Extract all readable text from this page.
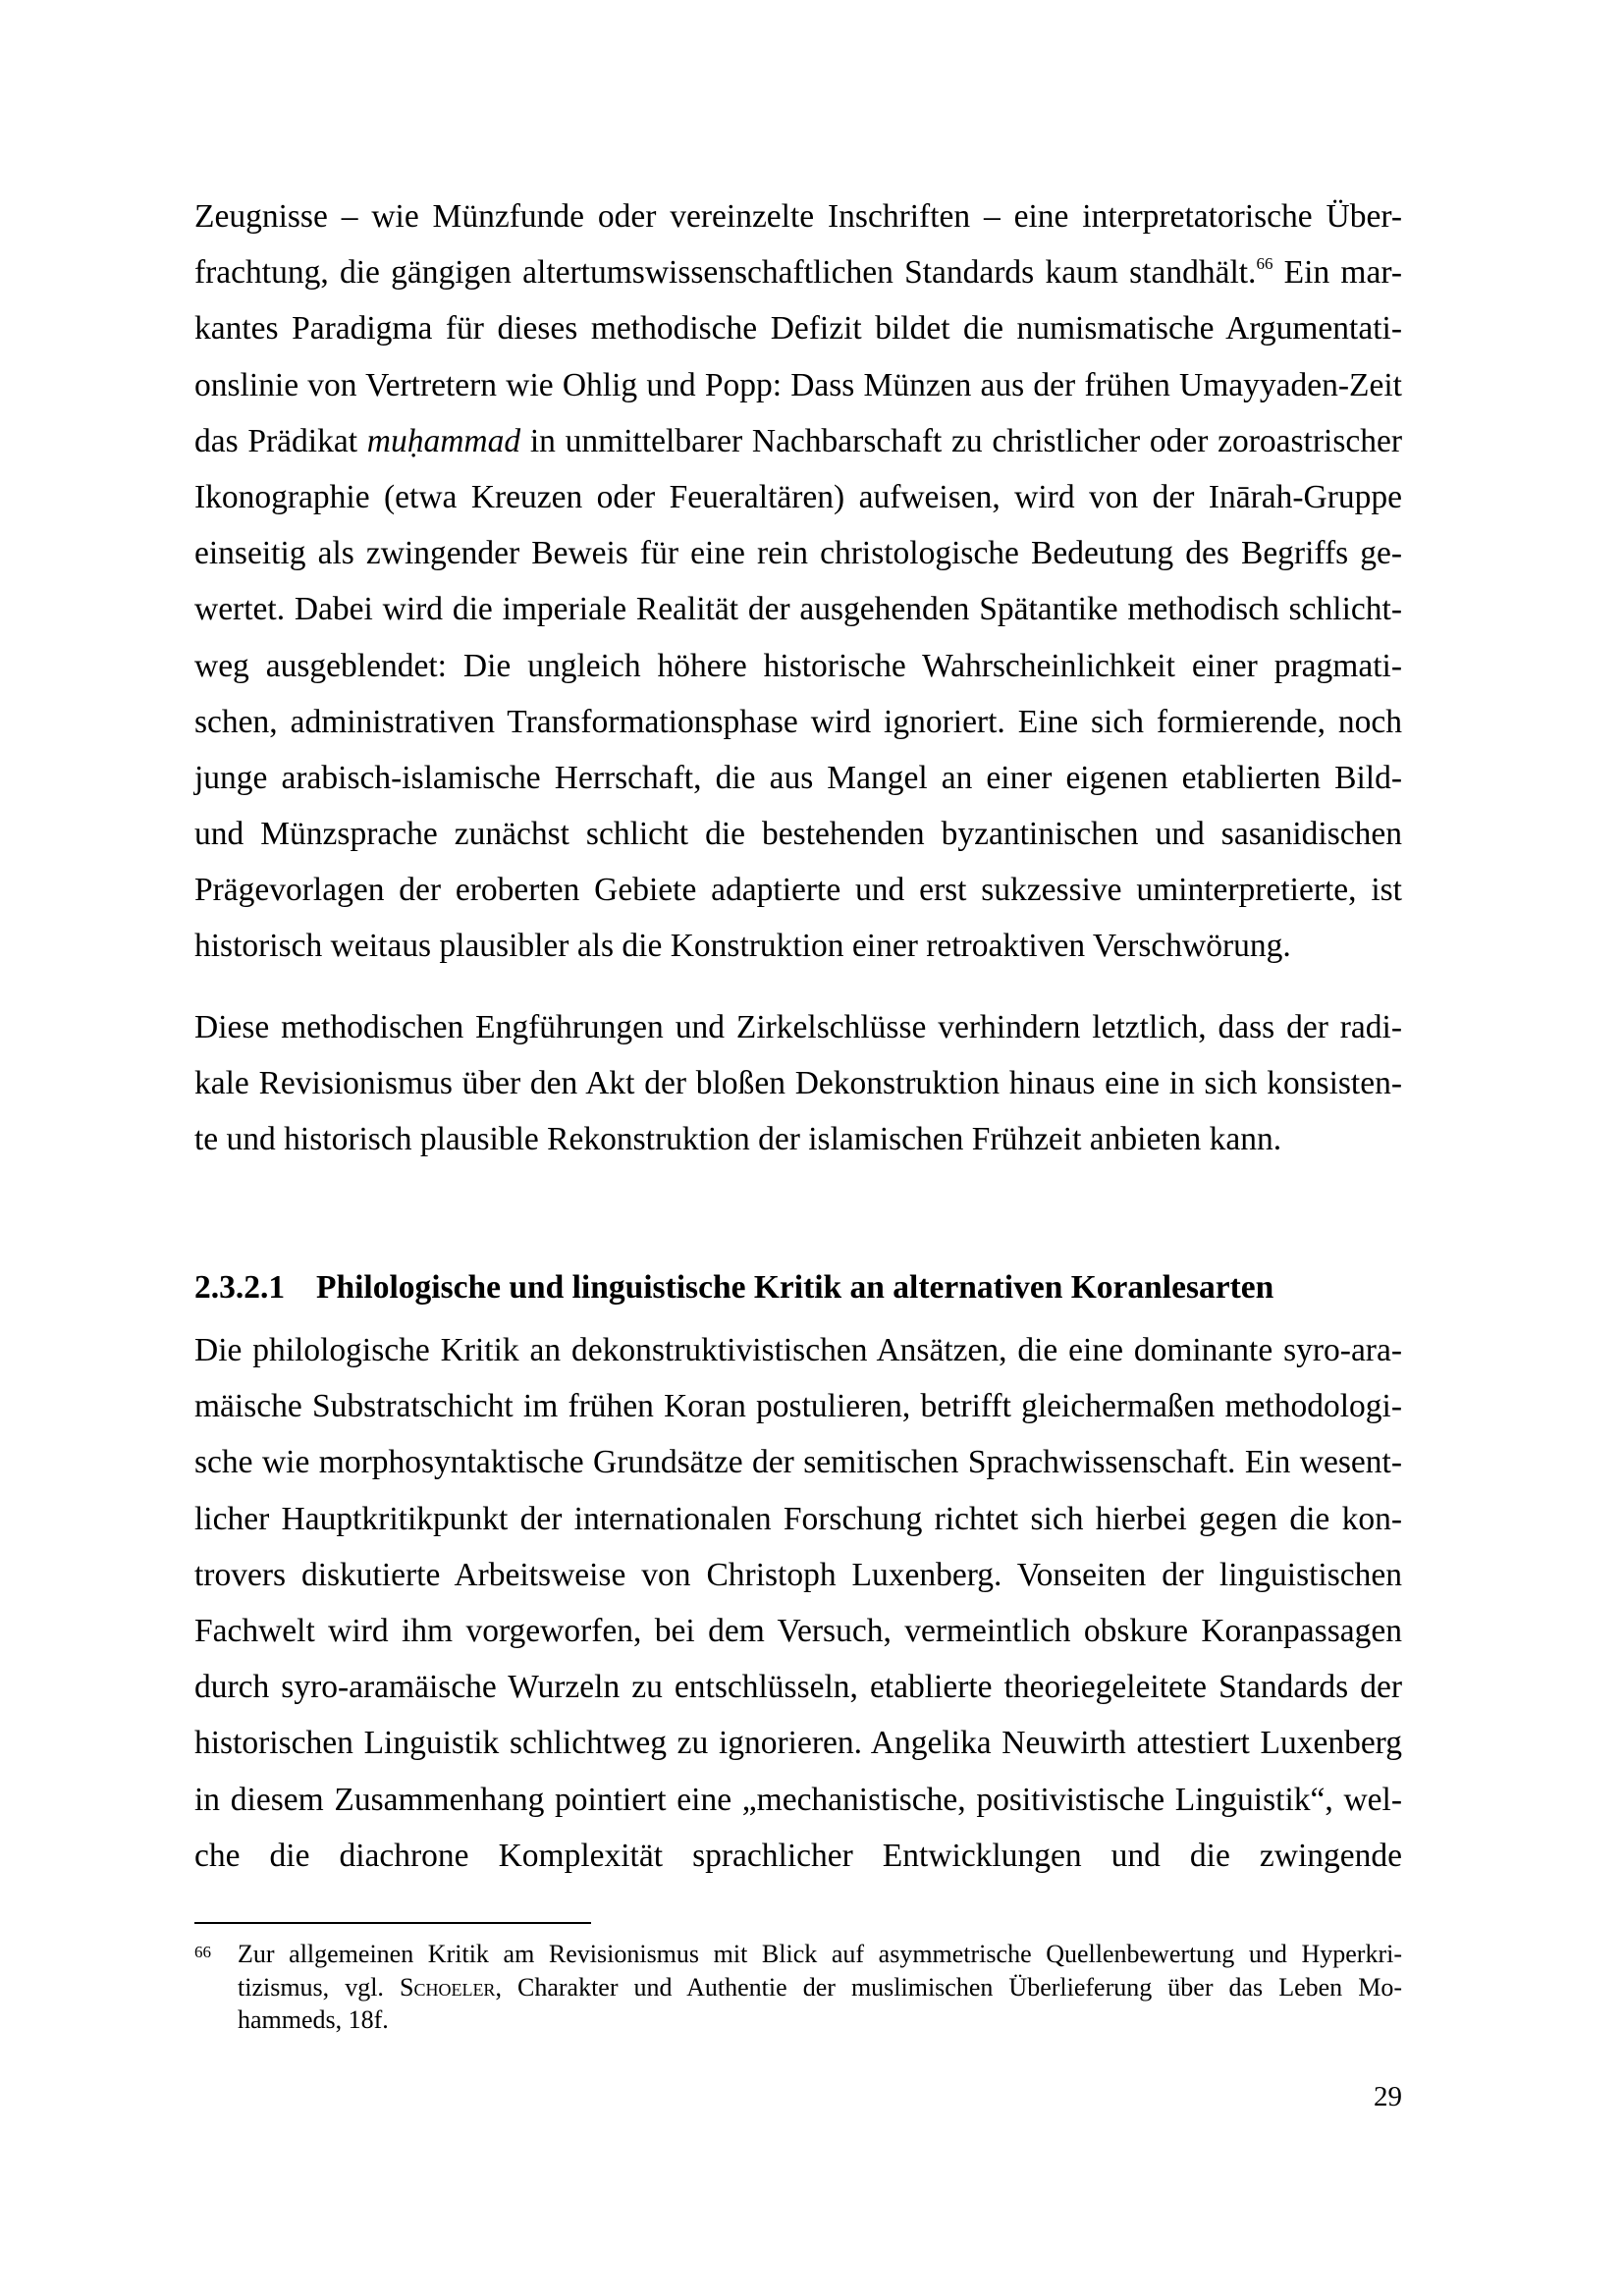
Zeugnisse – wie Münzfunde oder vereinzelte Inschriften – eine interpretatorische Über-
frachtung, die gängigen altertumswissenschaftlichen Standards kaum standhält.$^{66}$ Ein mar-
kantes Paradigma für dieses methodische Defizit bildet die numismatische Argumentati-
onslinie von Vertretern wie Ohlig und Popp: Dass Münzen aus der frühen Umayyaden-Zeit
das Prädikat muḥammad in unmittelbarer Nachbarschaft zu christlicher oder zoroastrischer
Ikonographie (etwa Kreuzen oder Feueraltären) aufweisen, wird von der Inārah-Gruppe
einseitig als zwingender Beweis für eine rein christologische Bedeutung des Begriffs ge-
wertet. Dabei wird die imperiale Realität der ausgehenden Spätantike methodisch schlicht-
weg ausgeblendet: Die ungleich höhere historische Wahrscheinlichkeit einer pragmati-
schen, administrativen Transformationsphase wird ignoriert. Eine sich formierende, noch
junge arabisch-islamische Herrschaft, die aus Mangel an einer eigenen etablierten Bild-
und Münzsprache zunächst schlicht die bestehenden byzantinischen und sasanidischen
Prägevorlagen der eroberten Gebiete adaptierte und erst sukzessive uminterpretierte, ist
historisch weitaus plausibler als die Konstruktion einer retroaktiven Verschwörung.
Diese methodischen Engführungen und Zirkelschlüsse verhindern letztlich, dass der radi-
kale Revisionismus über den Akt der bloßen Dekonstruktion hinaus eine in sich konsisten-
te und historisch plausible Rekonstruktion der islamischen Frühzeit anbieten kann.
2.3.2.1 Philologische und linguistische Kritik an alternativen Koranlesarten
Die philologische Kritik an dekonstruktivistischen Ansätzen, die eine dominante syro-ara-
mäische Substratschicht im frühen Koran postulieren, betrifft gleichermaßen methodologi-
sche wie morphosyntaktische Grundsätze der semitischen Sprachwissenschaft. Ein wesent-
licher Hauptkritikpunkt der internationalen Forschung richtet sich hierbei gegen die kon-
trovers diskutierte Arbeitsweise von Christoph Luxenberg. Vonseiten der linguistischen
Fachwelt wird ihm vorgeworfen, bei dem Versuch, vermeintlich obskure Koranpassagen
durch syro-aramäische Wurzeln zu entschlüsseln, etablierte theoriegeleitete Standards der
historischen Linguistik schlichtweg zu ignorieren. Angelika Neuwirth attestiert Luxenberg
in diesem Zusammenhang pointiert eine „mechanistische, positivistische Linguistik“, wel-
che die diachrone Komplexität sprachlicher Entwicklungen und die zwingende
66 Zur allgemeinen Kritik am Revisionismus mit Blick auf asymmetrische Quellenbewertung und Hyperkri-
tizismus, vgl. Schoeler, Charakter und Authentie der muslimischen Überlieferung über das Leben Mo-
hammeds, 18f.
29
